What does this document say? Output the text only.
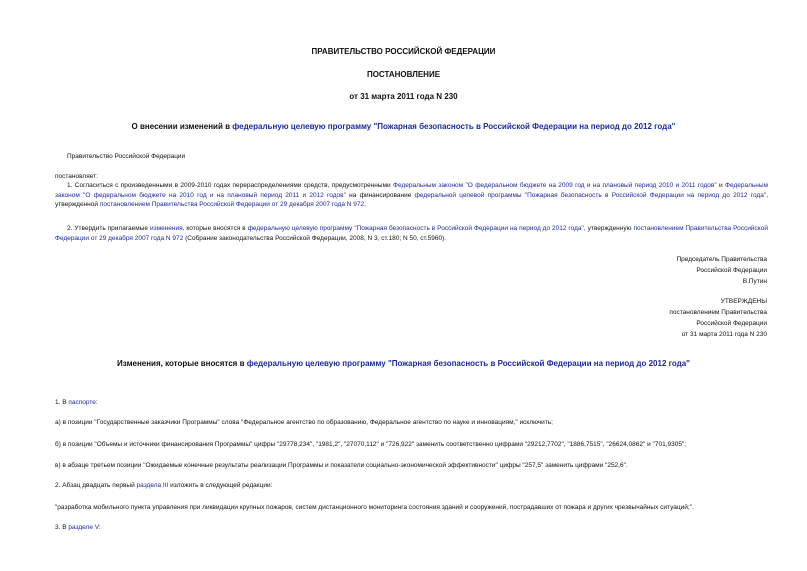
ПРАВИТЕЛЬСТВО РОССИЙСКОЙ ФЕДЕРАЦИИ
ПОСТАНОВЛЕНИЕ
от 31 марта 2011 года N 230
О внесении изменений в федеральную целевую программу "Пожарная безопасность в Российской Федерации на период до 2012 года"
Правительство Российской Федерации
постановляет:
1. Согласиться с произведенными в 2009-2010 годах перераспределениями средств, предусмотренными Федеральным законом "О федеральном бюджете на 2009 год и на плановый период 2010 и 2011 годов" и Федеральным законом "О федеральном бюджете на 2010 год и на плановый период 2011 и 2012 годов" на финансирование федеральной целевой программы "Пожарная безопасность в Российской Федерации на период до 2012 года", утвержденной постановлением Правительства Российской Федерации от 29 декабря 2007 года N 972.
2. Утвердить прилагаемые изменения, которые вносятся в федеральную целевую программу "Пожарная безопасность в Российской Федерации на период до 2012 года", утвержденную постановлением Правительства Российской Федерации от 29 декабря 2007 года N 972 (Собрание законодательства Российской Федерации, 2008, N 3, ст.180; N 50, ст.5960).
Председатель Правительства
Российской Федерации
В.Путин
УТВЕРЖДЕНЫ
постановлением Правительства
Российской Федерации
от 31 марта 2011 года N 230
Изменения, которые вносятся в федеральную целевую программу "Пожарная безопасность в Российской Федерации на период до 2012 года"
1. В паспорте:
а) в позиции "Государственные заказчики Программы" слова "Федеральное агентство по образованию, Федеральное агентство по науке и инновациям," исключить;
б) в позиции "Объемы и источники финансирования Программы" цифры "29778,234", "1981,2", "27070,112" и "726,922" заменить соответственно цифрами "29212,7702", "1886,7515", "26624,0862" и "701,9305";
в) в абзаце третьем позиции "Ожидаемые конечные результаты реализации Программы и показатели социально-экономической эффективности" цифры "257,5" заменить цифрами "252,6".
2. Абзац двадцать первый раздела III изложить в следующей редакции:
"разработка мобильного пункта управления при ликвидации крупных пожаров, систем дистанционного мониторинга состояния зданий и сооружений, пострадавших от пожара и других чрезвычайных ситуаций;".
3. В разделе V:
